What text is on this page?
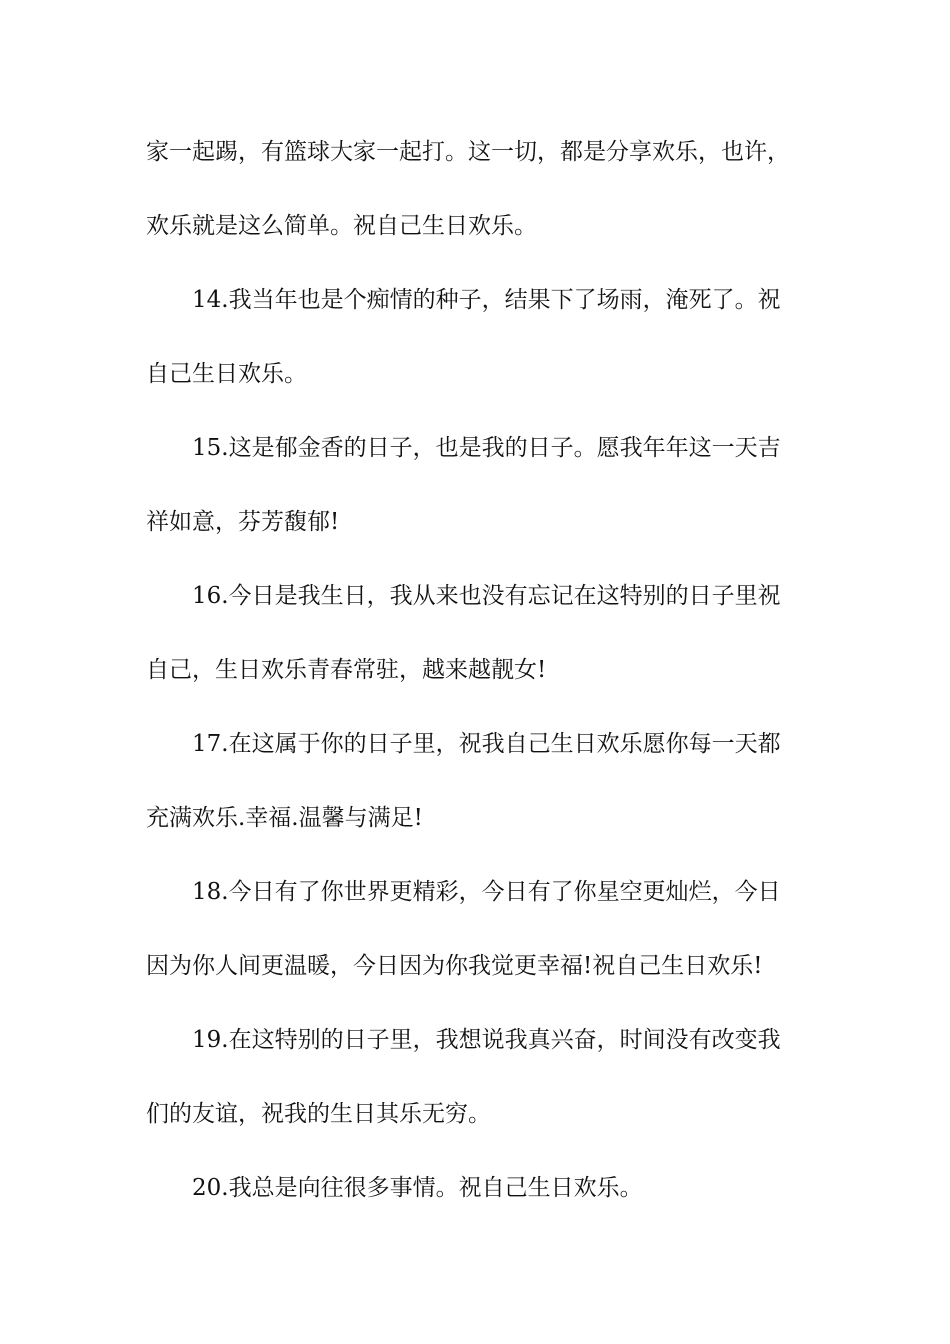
家一起踢，有篮球大家一起打。这一切，都是分享欢乐，也许，
欢乐就是这么简单。祝自己生日欢乐。
14.我当年也是个痴情的种子，结果下了场雨，淹死了。祝
自己生日欢乐。
15.这是郁金香的日子，也是我的日子。愿我年年这一天吉
祥如意，芬芳馥郁!
16.今日是我生日，我从来也没有忘记在这特别的日子里祝
自己，生日欢乐青春常驻，越来越靓女!
17.在这属于你的日子里，祝我自己生日欢乐愿你每一天都
充满欢乐.幸福.温馨与满足!
18.今日有了你世界更精彩，今日有了你星空更灿烂，今日
因为你人间更温暖，今日因为你我觉更幸福!祝自己生日欢乐!
19.在这特别的日子里，我想说我真兴奋，时间没有改变我
们的友谊，祝我的生日其乐无穷。
20.我总是向往很多事情。祝自己生日欢乐。
